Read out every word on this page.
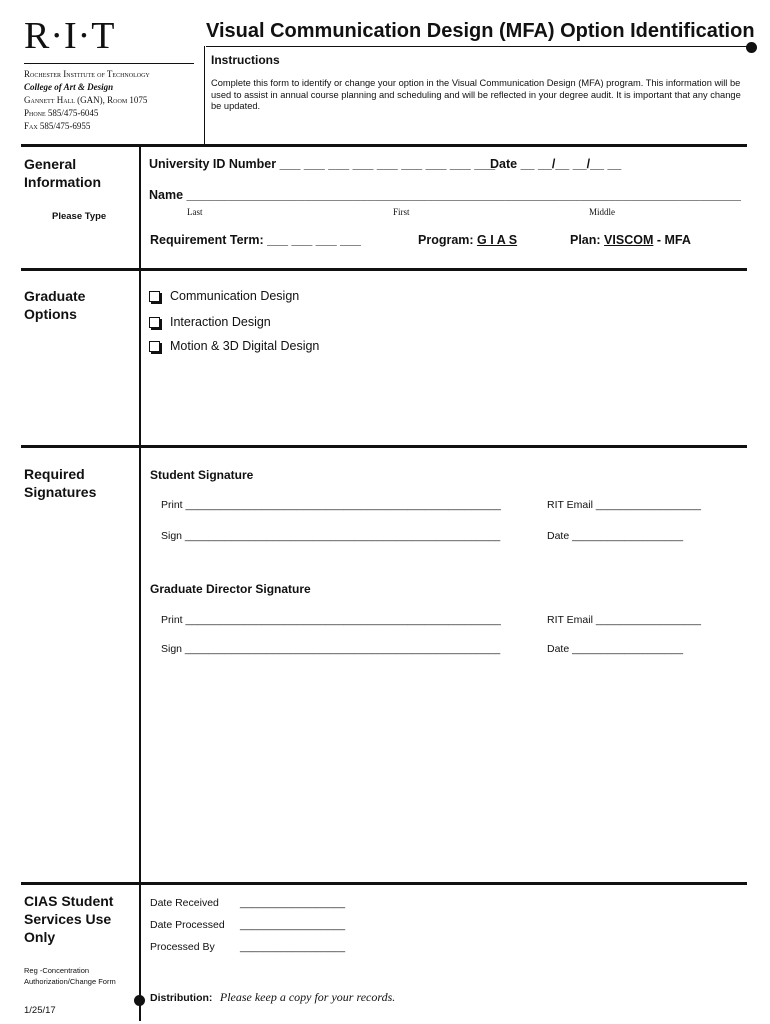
R·I·T
Rochester Institute of Technology
College of Art & Design
Gannett Hall (GAN), Room 1075
Phone 585/475-6045
Fax 585/475-6955
Visual Communication Design (MFA) Option Identification
Instructions
Complete this form to identify or change your option in the Visual Communication Design (MFA) program. This information will be used to assist in annual course planning and scheduling and will be reflected in your degree audit. It is important that any change be updated.
General Information
Please Type
University ID Number ___ ___ ___ ___ ___ ___ ___ ___ ___
Date __ __/__ __/__ __
Name ______________________________
______________________________
______________________
Last	First	Middle
Requirement Term: ___ ___ ___ ___	Program: G I A S	Plan: VISCOM - MFA
Graduate Options
Communication Design
Interaction Design
Motion & 3D Digital Design
Required Signatures
Student Signature
Print ______________________________________________________	RIT Email __________________
Sign ______________________________________________________	Date ___________________
Graduate Director Signature
Print ______________________________________________________	RIT Email __________________
Sign ______________________________________________________	Date ___________________
CIAS Student Services Use Only
Date Received __________________
Date Processed __________________
Processed By __________________
Reg -Concentration
Authorization/Change Form
Distribution: Please keep a copy for your records.
1/25/17
